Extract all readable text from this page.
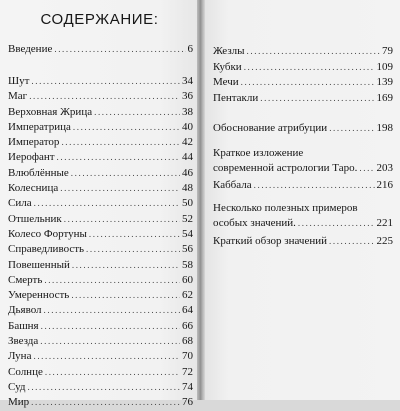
СОДЕРЖАНИЕ:
Введение .....	6
Шут .....	34
Маг .....	36
Верховная Жрица .....	38
Императрица .....	40
Император .....	42
Иерофант .....	44
Влюблённые .....	46
Колесница .....	48
Сила .....	50
Отшельник .....	52
Колесо Фортуны .....	54
Справедливость .....	56
Повешенный .....	58
Смерть .....	60
Умеренность .....	62
Дьявол .....	64
Башня .....	66
Звезда .....	68
Луна .....	70
Солнце .....	72
Суд .....	74
Мир .....	76
Жезлы .....	79
Кубки .....	109
Мечи .....	139
Пентакли .....	169
Обоснование атрибуции .....	198
Краткое изложение
современной астрологии Таро. ..... 203
Каббала .....	216
Несколько полезных примеров
особых значений. .....	221
Краткий обзор значений .....	225
